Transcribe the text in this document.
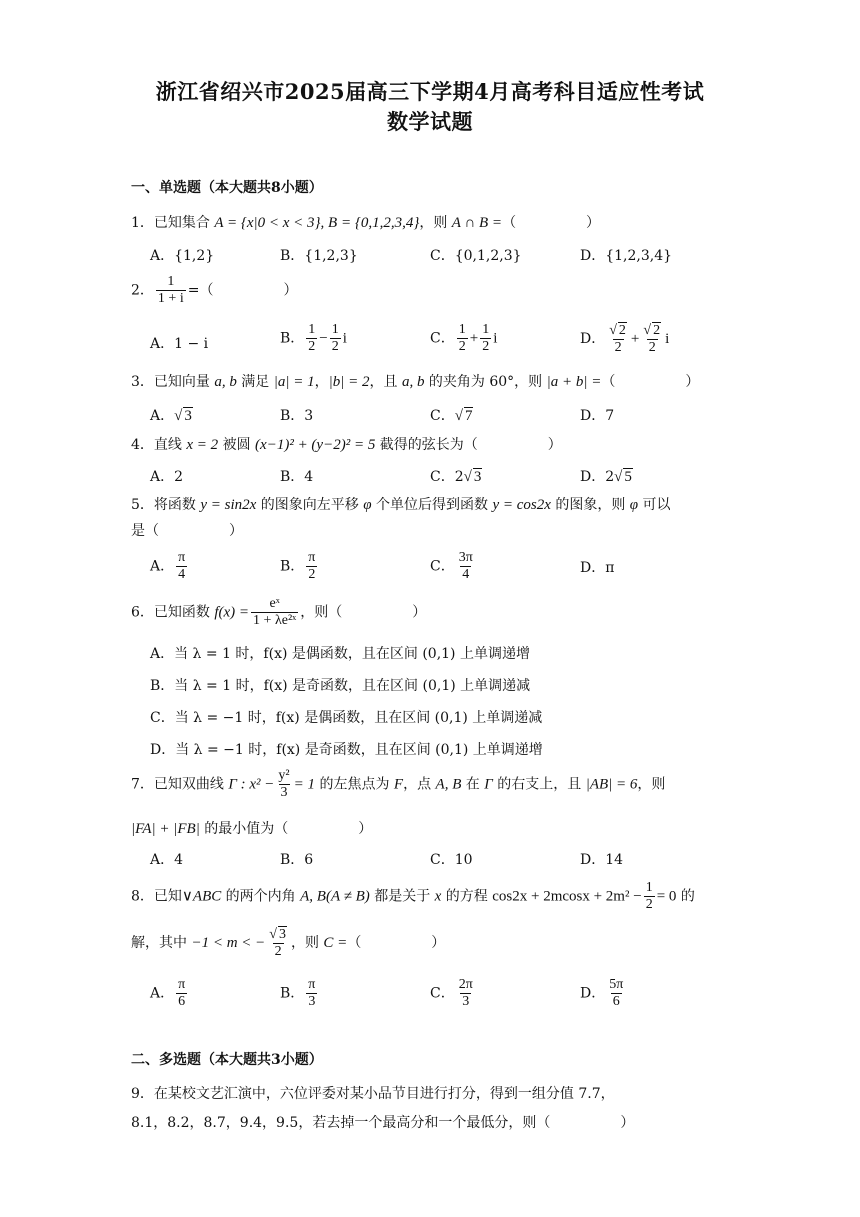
浙江省绍兴市2025届高三下学期4月高考科目适应性考试
数学试题
一、单选题（本大题共8小题）
1．已知集合 A = {x|0 < x < 3}, B = {0,1,2,3,4}，则 A ∩ B =（　　　　　）
A．{1,2}	B．{1,2,3}	C．{0,1,2,3}	D．{1,2,3,4}
2． $\frac{1}{1 + i}$ =（　　　　　）
A．1 − i	B． $\frac{1}{2} - \frac{1}{2}$ i	C． $\frac{1}{2} + \frac{1}{2}$ i	D． $\frac{√ 2}{2} + \frac{√ 2}{2}$ i
3．已知向量 a, b 满足 |a| = 1，|b| = 2，且 a, b 的夹角为 60°，则 |a + b| =（　　　　　）
A．√ 3	B．3	C．√ 7	D．7
4．直线 x = 2 被圆 (x−1)² + (y−2)² = 5 截得的弦长为（　　　　　）
A．2	B．4	C．2√ 3	D．2√ 5
5．将函数 y = sin2x 的图象向左平移 φ 个单位后得到函数 y = cos2x 的图象，则 φ 可以
是（　　　　　）
A． $\frac{\pi}{4}$	B． $\frac{\pi}{2}$	C． $\frac{3\pi}{4}$	D．π
6．已知函数 $f(x) = \frac{\text{eˣ}}{\text{1 + λe²ˣ}}$ ，则（　　　　　）
A．当 λ = 1 时，f(x) 是偶函数，且在区间 (0,1) 上单调递增
B．当 λ = 1 时，f(x) 是奇函数，且在区间 (0,1) 上单调递减
C．当 λ = −1 时，f(x) 是偶函数，且在区间 (0,1) 上单调递减
D．当 λ = −1 时，f(x) 是奇函数，且在区间 (0,1) 上单调递增
7．已知双曲线 Γ : $x^2 - \frac{\text{y²}}{3} = 1$ 的左焦点为 F，点 A, B 在 Γ 的右支上，且 |AB| = 6，则
|FA| + |FB| 的最小值为（　　　　　）
A．4	B．6	C．10	D．14
8．已知∨ABC 的两个内角 A, B(A ≠ B) 都是关于 x 的方程 $\cos 2x + 2mcosx + 2m^2 - \frac{1}{2} = 0$ 的
解，其中 −1 < m < − $\frac{√ 3}{2}$ ，则 C =（　　　　　）
A． $\frac{\pi}{6}$	B． $\frac{\pi}{3}$	C． $\frac{2\pi}{3}$	D． $\frac{5\pi}{6}$
二、多选题（本大题共3小题）
9．在某校文艺汇演中，六位评委对某小品节目进行打分，得到一组分值 7.7，
8.1，8.2，8.7，9.4，9.5，若去掉一个最高分和一个最低分，则（　　　　　）
